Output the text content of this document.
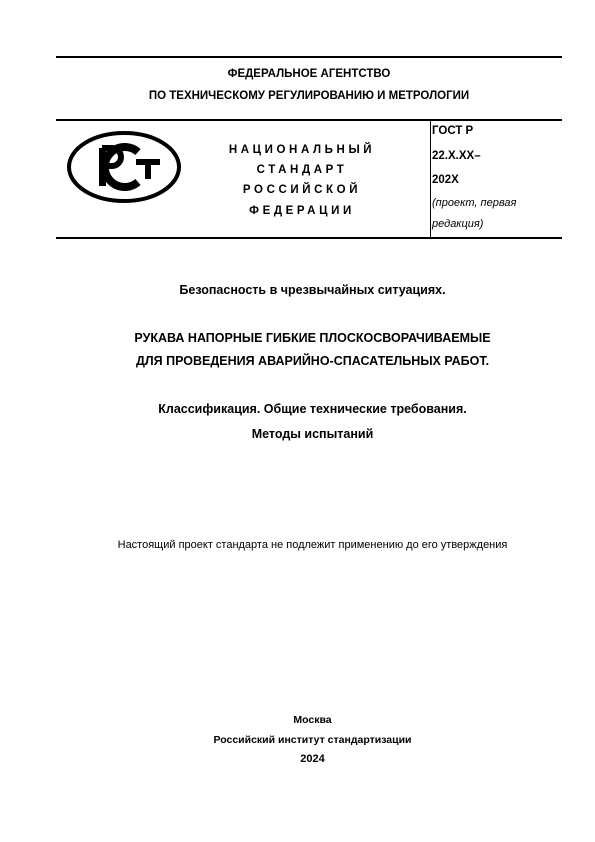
ФЕДЕРАЛЬНОЕ АГЕНТСТВО
ПО ТЕХНИЧЕСКОМУ РЕГУЛИРОВАНИЮ И МЕТРОЛОГИИ
НАЦИОНАЛЬНЫЙ
СТАНДАРТ
РОССИЙСКОЙ
ФЕДЕРАЦИИ
ГОСТ Р
22.Х.ХХ–
202Х
(проект, первая
редакция)
Безопасность в чрезвычайных ситуациях.
РУКАВА НАПОРНЫЕ ГИБКИЕ ПЛОСКОСВОРАЧИВАЕМЫЕ
ДЛЯ ПРОВЕДЕНИЯ АВАРИЙНО-СПАСАТЕЛЬНЫХ РАБОТ.
Классификация. Общие технические требования.
Методы испытаний
Настоящий проект стандарта не подлежит применению до его утверждения
Москва
Российский институт стандартизации
2024
